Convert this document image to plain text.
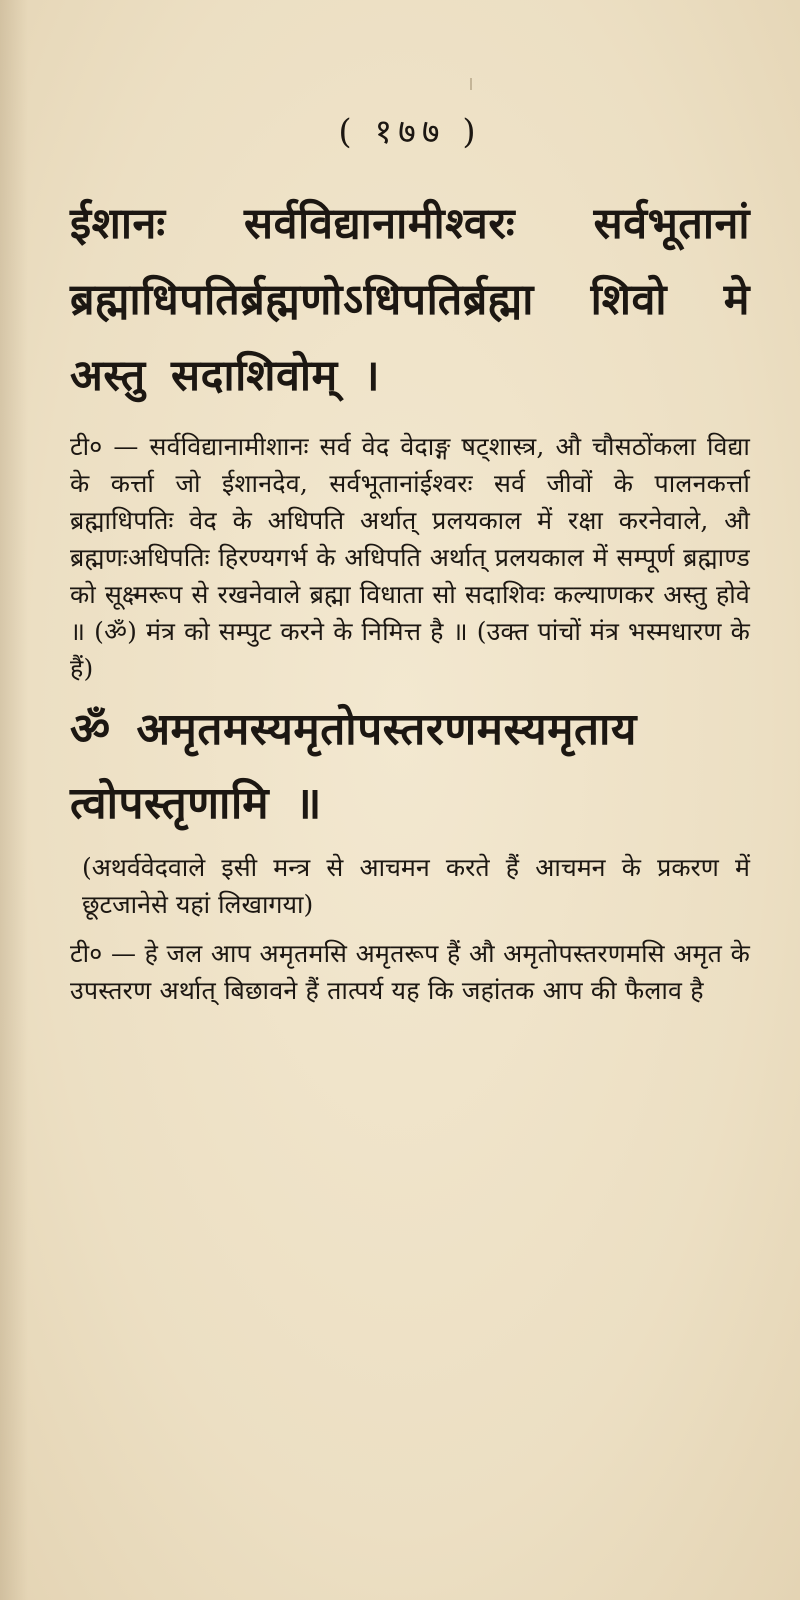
( १७७ )
ईशानः सर्वविद्यानामीश्वरः सर्वभूतानां ब्रह्माधिपतिर्ब्रह्मणोऽधिपतिर्ब्रह्मा शिवो मे अस्तु सदाशिवोम् ।
टी० — सर्वविद्यानामीशानः सर्व वेद वेदाङ्ग षट्शास्त्र, औ चौसठोंकला विद्या के कर्त्ता जो ईशानदेव, सर्वभूतानांईश्वरः सर्व जीवों के पालनकर्त्ता ब्रह्माधिपतिः वेद के अधिपति अर्थात् प्रलयकाल में रक्षा करनेवाले, औ ब्रह्मणःअधिपतिः हिरण्यगर्भ के अधिपति अर्थात् प्रलयकाल में सम्पूर्ण ब्रह्माण्ड को सूक्ष्मरूप से रखनेवाले ब्रह्मा विधाता सो सदाशिवः कल्याणकर अस्तु होवे ॥ (ॐ) मंत्र को सम्पुट करने के निमित्त है ॥ (उक्त पांचों मंत्र भस्मधारण के हैं)
ॐ अमृतमस्यमृतोपस्तरणमस्यमृताय त्वोपस्तृणामि ॥
(अथर्ववेदवाले इसी मन्त्र से आचमन करते हैं आचमन के प्रकरण में छूटजानेसे यहां लिखागया)
टी० — हे जल आप अमृतमसि अमृतरूप हैं औ अमृतोपस्तरणमसि अमृत के उपस्तरण अर्थात् बिछावने हैं तात्पर्य यह कि जहांतक आप की फैलाव है
